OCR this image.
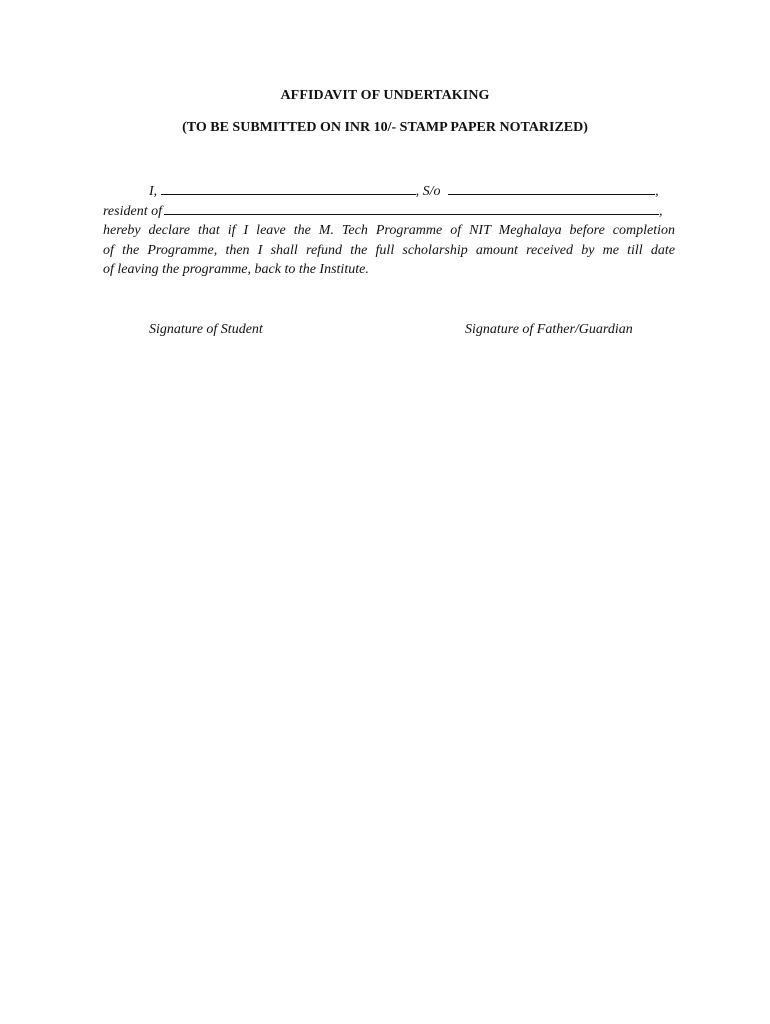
AFFIDAVIT OF UNDERTAKING
(TO BE SUBMITTED ON INR 10/- STAMP PAPER NOTARIZED)
I,	, S/o	,
resident of	,
hereby declare that if I leave the M. Tech Programme of NIT Meghalaya before completion
of the Programme, then I shall refund the full scholarship amount received by me till date
of leaving the programme, back to the Institute.
Signature of Student	Signature of Father/Guardian
